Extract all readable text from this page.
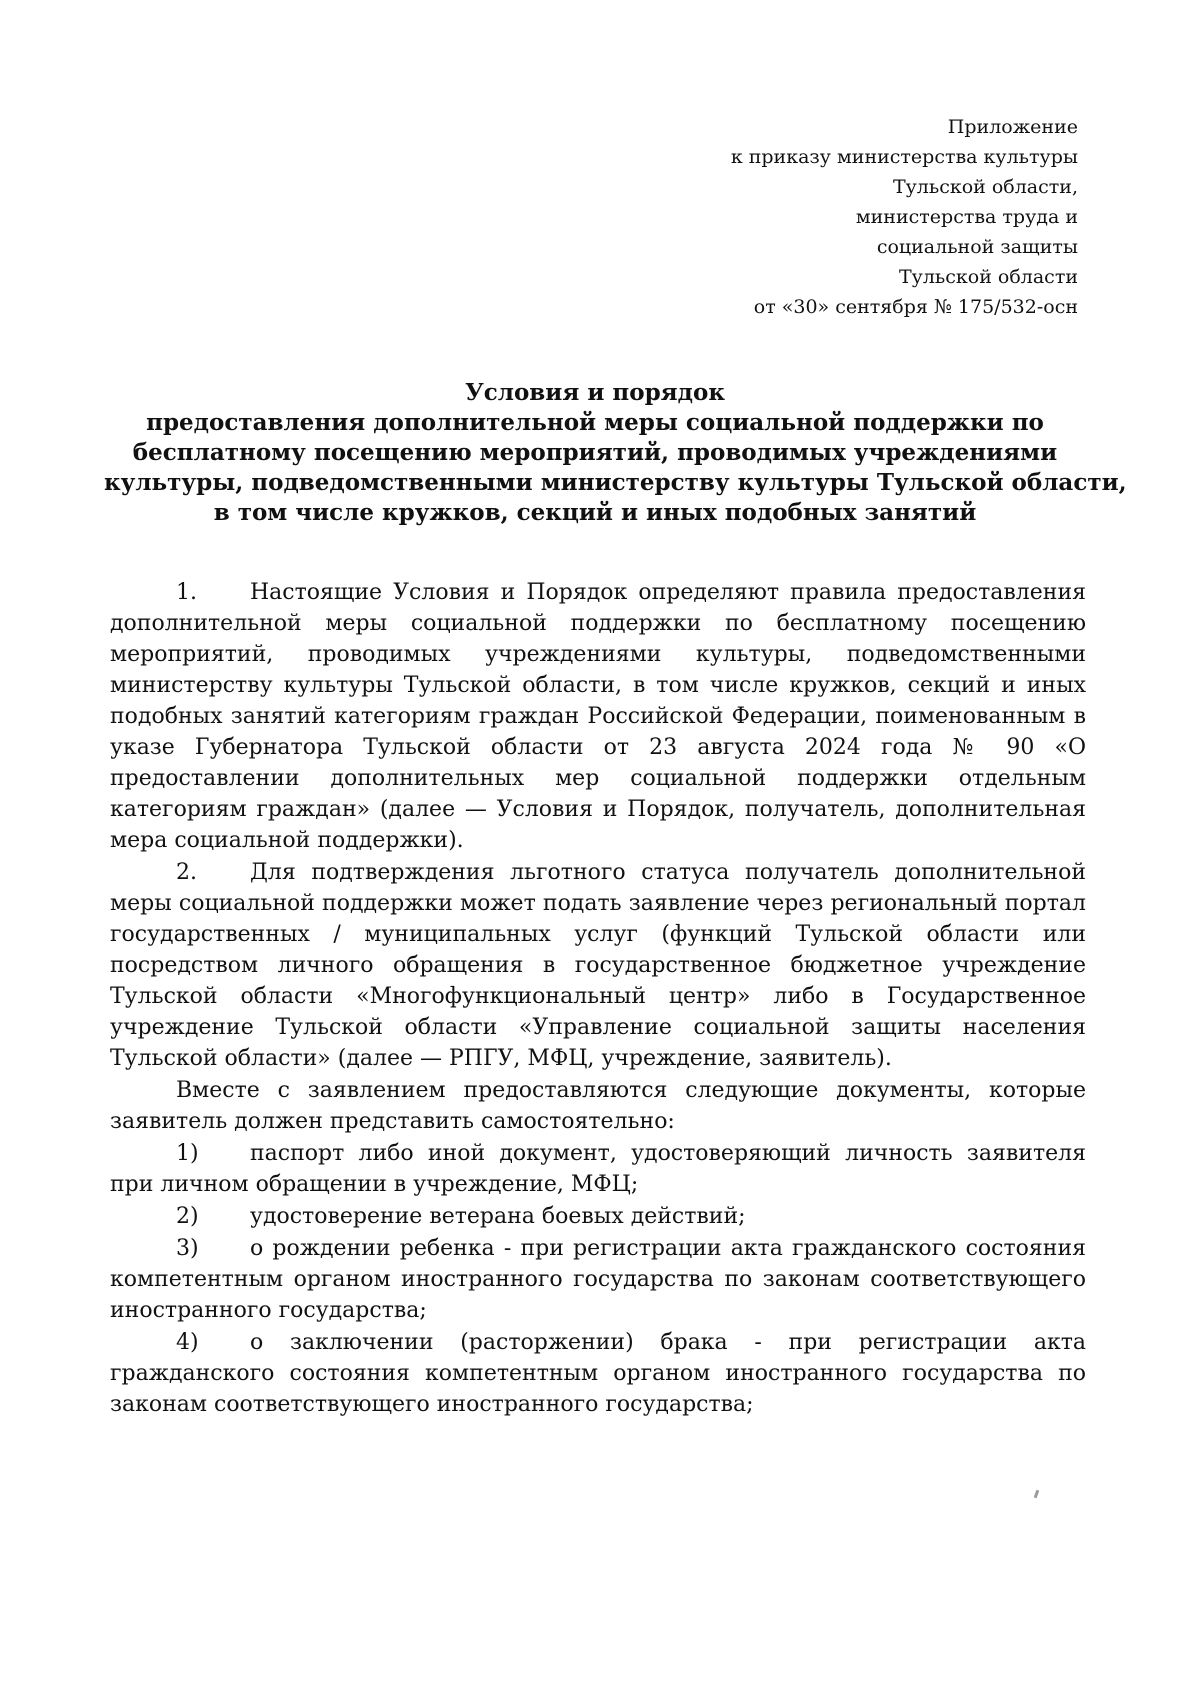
Приложение
к приказу министерства культуры
Тульской области,
министерства труда и
социальной защиты
Тульской области
от «30» сентября № 175/532-осн
Условия и порядок
предоставления дополнительной меры социальной поддержки по
бесплатному посещению мероприятий, проводимых учреждениями
культуры, подведомственными министерству культуры Тульской области,
в том числе кружков, секций и иных подобных занятий

1. Настоящие Условия и Порядок определяют правила предоставления дополнительной меры социальной поддержки по бесплатному посещению мероприятий, проводимых учреждениями культуры, подведомственными министерству культуры Тульской области, в том числе кружков, секций и иных подобных занятий категориям граждан Российской Федерации, поименованным в указе Губернатора Тульской области от 23 августа 2024 года № 90 «О предоставлении дополнительных мер социальной поддержки отдельным категориям граждан» (далее — Условия и Порядок, получатель, дополнительная мера социальной поддержки).

2. Для подтверждения льготного статуса получатель дополнительной меры социальной поддержки может подать заявление через региональный портал государственных / муниципальных услуг (функций Тульской области или посредством личного обращения в государственное бюджетное учреждение Тульской области «Многофункциональный центр» либо в Государственное учреждение Тульской области «Управление социальной защиты населения Тульской области» (далее — РПГУ, МФЦ, учреждение, заявитель).

Вместе с заявлением предоставляются следующие документы, которые заявитель должен представить самостоятельно:

1) паспорт либо иной документ, удостоверяющий личность заявителя при личном обращении в учреждение, МФЦ;

2) удостоверение ветерана боевых действий;

3) о рождении ребенка - при регистрации акта гражданского состояния компетентным органом иностранного государства по законам соответствующего иностранного государства;

4) о заключении (расторжении) брака - при регистрации акта гражданского состояния компетентным органом иностранного государства по законам соответствующего иностранного государства;
